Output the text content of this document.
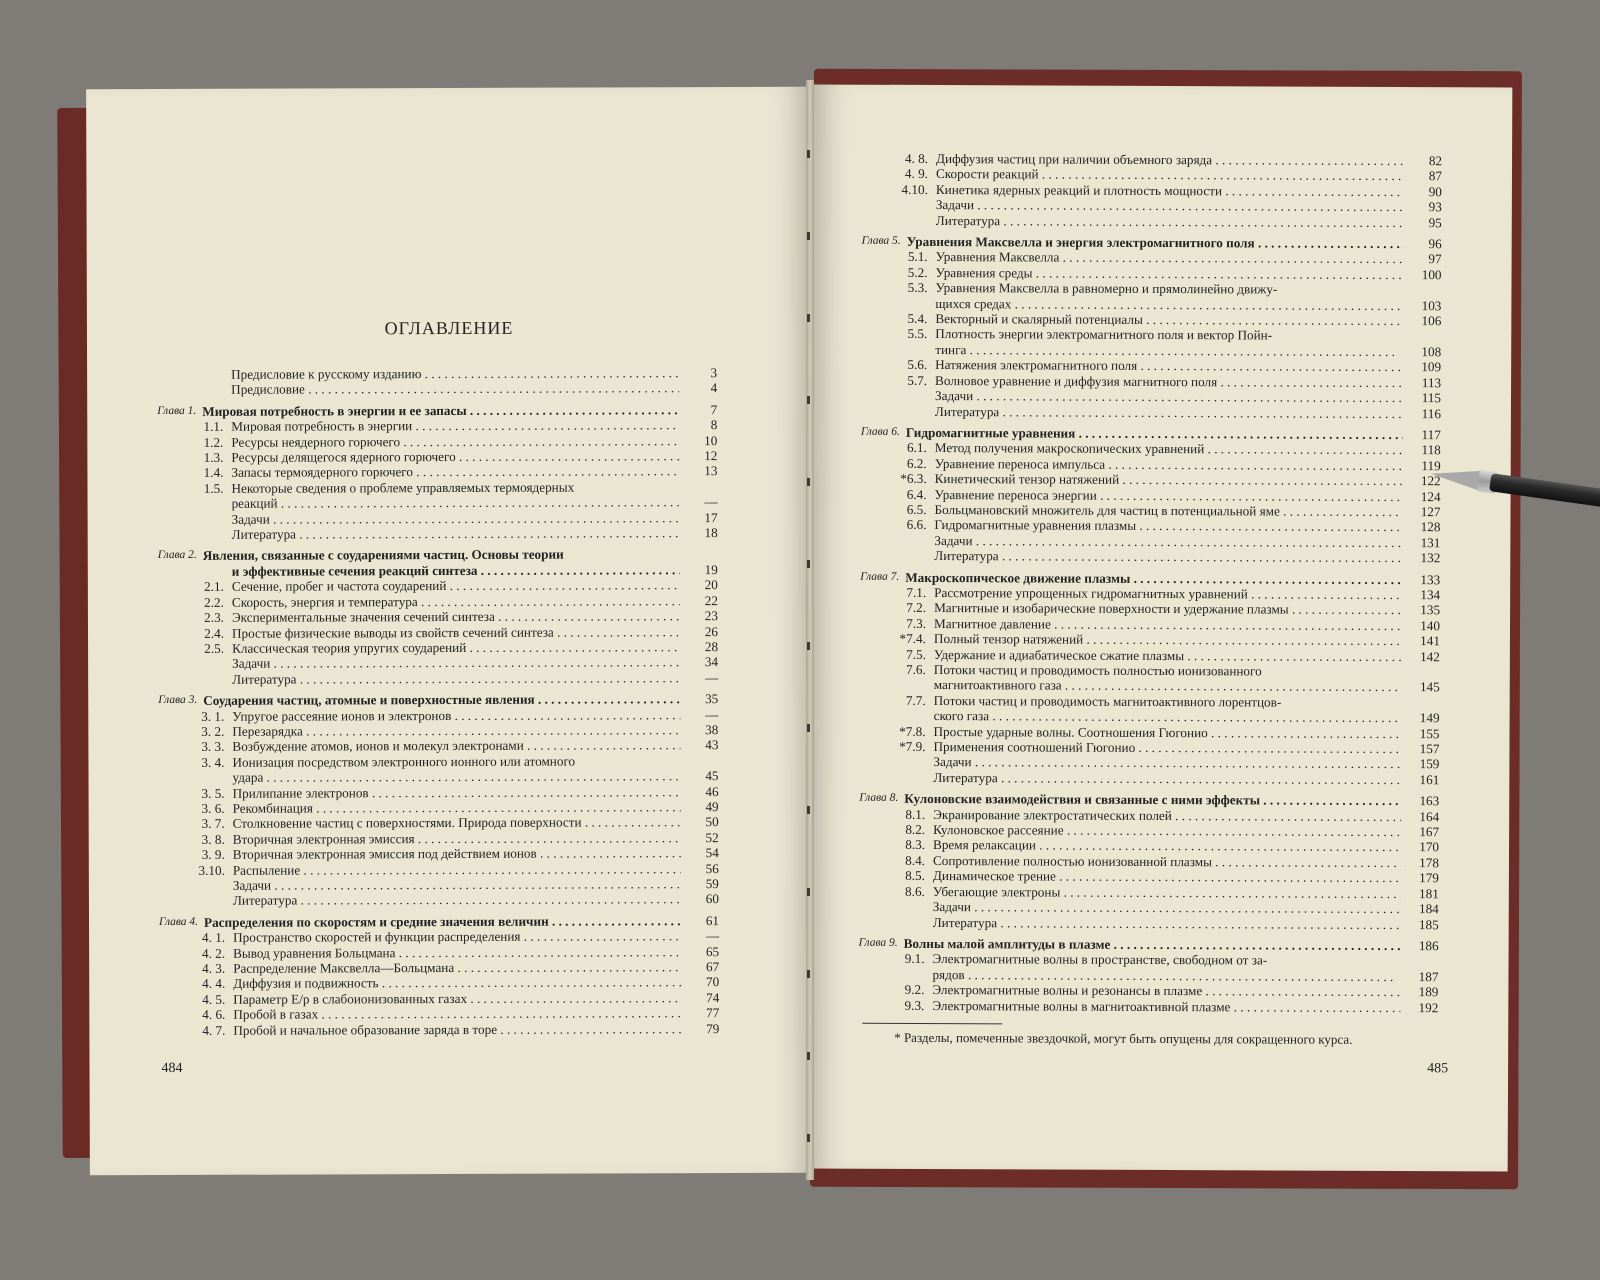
ОГЛАВЛЕНИЕ
Предисловие к русскому изданию . . .	3
Предисловие . . .	4
Глава 1. Мировая потребность в энергии и ее запасы . . .	7
1.1. Мировая потребность в энергии . . .	8
1.2. Ресурсы неядерного горючего . . .	10
1.3. Ресурсы делящегося ядерного горючего . . .	12
1.4. Запасы термоядерного горючего . . .	13
1.5. Некоторые сведения о проблеме управляемых термоядерных
реакций . . .	—
Задачи . . .	17
Литература . . .	18
Глава 2. Явления, связанные с соударениями частиц. Основы теории
и эффективные сечения реакций синтеза . . .	19
2.1. Сечение, пробег и частота соударений . . .	20
2.2. Скорость, энергия и температура . . .	22
2.3. Экспериментальные значения сечений синтеза . . .	23
2.4. Простые физические выводы из свойств сечений синтеза . . .	26
2.5. Классическая теория упругих соударений . . .	28
Задачи . . .	34
Литература . . .	—
Глава 3. Соударения частиц, атомные и поверхностные явления . . .	35
3. 1. Упругое рассеяние ионов и электронов . . .	—
3. 2. Перезарядка . . .	38
3. 3. Возбуждение атомов, ионов и молекул электронами . . .	43
3. 4. Ионизация посредством электронного ионного или атомного
удара . . .	45
3. 5. Прилипание электронов . . .	46
3. 6. Рекомбинация . . .	49
3. 7. Столкновение частиц с поверхностями. Природа поверхности . . .	50
3. 8. Вторичная электронная эмиссия . . .	52
3. 9. Вторичная электронная эмиссия под действием ионов . . .	54
3.10. Распыление . . .	56
Задачи . . .	59
Литература . . .	60
Глава 4. Распределения по скоростям и средние значения величин . . .	61
4. 1. Пространство скоростей и функции распределения . . .	—
4. 2. Вывод уравнения Больцмана . . .	65
4. 3. Распределение Максвелла—Больцмана . . .	67
4. 4. Диффузия и подвижность . . .	70
4. 5. Параметр E/p в слабоионизованных газах . . .	74
4. 6. Пробой в газах . . .	77
4. 7. Пробой и начальное образование заряда в торе . . .	79
484
4. 8. Диффузия частиц при наличии объемного заряда . . .	82
4. 9. Скорости реакций . . .	87
4.10. Кинетика ядерных реакций и плотность мощности . . .	90
Задачи . . .	93
Литература . . .	95
Глава 5. Уравнения Максвелла и энергия электромагнитного поля . . .	96
5.1. Уравнения Максвелла . . .	97
5.2. Уравнения среды . . .	100
5.3. Уравнения Максвелла в равномерно и прямолинейно движу-
щихся средах . . .	103
5.4. Векторный и скалярный потенциалы . . .	106
5.5. Плотность энергии электромагнитного поля и вектор Пойн-
тинга . . .	108
5.6. Натяжения электромагнитного поля . . .	109
5.7. Волновое уравнение и диффузия магнитного поля . . .	113
Задачи . . .	115
Литература . . .	116
Глава 6. Гидромагнитные уравнения . . .	117
6.1. Метод получения макроскопических уравнений . . .	118
6.2. Уравнение переноса импульса . . .	119
*6.3. Кинетический тензор натяжений . . .	122
6.4. Уравнение переноса энергии . . .	124
6.5. Больцмановский множитель для частиц в потенциальной яме . . .	127
6.6. Гидромагнитные уравнения плазмы . . .	128
Задачи . . .	131
Литература . . .	132
Глава 7. Макроскопическое движение плазмы . . .	133
7.1. Рассмотрение упрощенных гидромагнитных уравнений . . .	134
7.2. Магнитные и изобарические поверхности и удержание плазмы . . .	135
7.3. Магнитное давление . . .	140
*7.4. Полный тензор натяжений . . .	141
7.5. Удержание и адиабатическое сжатие плазмы . . .	142
7.6. Потоки частиц и проводимость полностью ионизованного
магнитоактивного газа . . .	145
7.7. Потоки частиц и проводимость магнитоактивного лорентцов-
ского газа . . .	149
*7.8. Простые ударные волны. Соотношения Гюгонио . . .	155
*7.9. Применения соотношений Гюгонио . . .	157
Задачи . . .	159
Литература . . .	161
Глава 8. Кулоновские взаимодействия и связанные с ними эффекты . . .	163
8.1. Экранирование электростатических полей . . .	164
8.2. Кулоновское рассеяние . . .	167
8.3. Время релаксации . . .	170
8.4. Сопротивление полностью ионизованной плазмы . . .	178
8.5. Динамическое трение . . .	179
8.6. Убегающие электроны . . .	181
Задачи . . .	184
Литература . . .	185
Глава 9. Волны малой амплитуды в плазме . . .	186
9.1. Электромагнитные волны в пространстве, свободном от за-
рядов . . .	187
9.2. Электромагнитные волны и резонансы в плазме . . .	189
9.3. Электромагнитные волны в магнитоактивной плазме . . .	192
* Разделы, помеченные звездочкой, могут быть опущены для сокращенного курса.
485
